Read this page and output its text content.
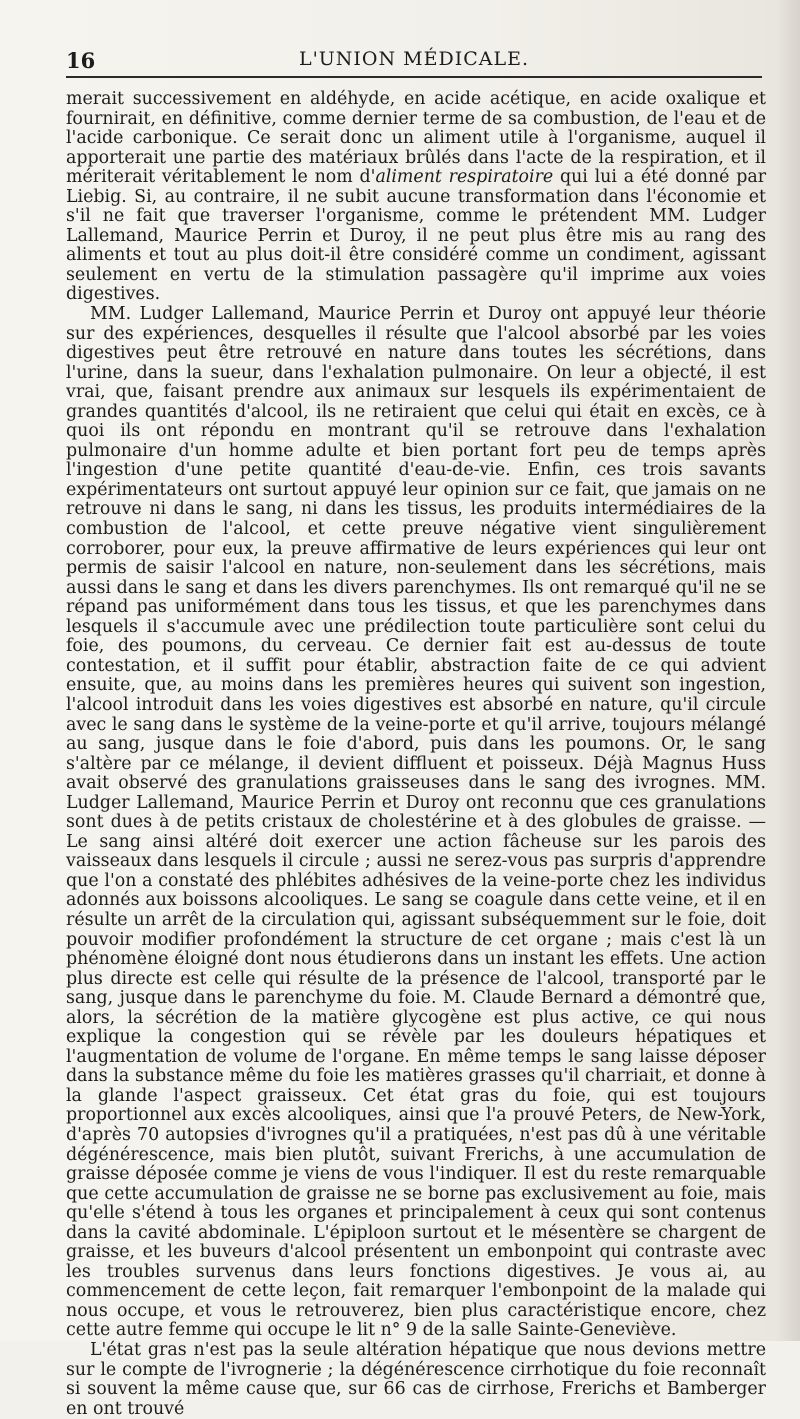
16	L'UNION MÉDICALE.

merait successivement en aldéhyde, en acide acétique, en acide oxalique et fournirait, en définitive, comme dernier terme de sa combustion, de l'eau et de l'acide carbonique. Ce serait donc un aliment utile à l'organisme, auquel il apporterait une partie des matériaux brûlés dans l'acte de la respiration, et il mériterait véritablement le nom d'aliment respiratoire qui lui a été donné par Liebig. Si, au contraire, il ne subit aucune transformation dans l'économie et s'il ne fait que traverser l'organisme, comme le prétendent MM. Ludger Lallemand, Maurice Perrin et Duroy, il ne peut plus être mis au rang des aliments et tout au plus doit-il être considéré comme un condiment, agissant seulement en vertu de la stimulation passagère qu'il imprime aux voies digestives.

MM. Ludger Lallemand, Maurice Perrin et Duroy ont appuyé leur théorie sur des expériences, desquelles il résulte que l'alcool absorbé par les voies digestives peut être retrouvé en nature dans toutes les sécrétions, dans l'urine, dans la sueur, dans l'exhalation pulmonaire. On leur a objecté, il est vrai, que, faisant prendre aux animaux sur lesquels ils expérimentaient de grandes quantités d'alcool, ils ne retiraient que celui qui était en excès, ce à quoi ils ont répondu en montrant qu'il se retrouve dans l'exhalation pulmonaire d'un homme adulte et bien portant fort peu de temps après l'ingestion d'une petite quantité d'eau-de-vie. Enfin, ces trois savants expérimentateurs ont surtout appuyé leur opinion sur ce fait, que jamais on ne retrouve ni dans le sang, ni dans les tissus, les produits intermédiaires de la combustion de l'alcool, et cette preuve négative vient singulièrement corroborer, pour eux, la preuve affirmative de leurs expériences qui leur ont permis de saisir l'alcool en nature, non-seulement dans les sécrétions, mais aussi dans le sang et dans les divers parenchymes. Ils ont remarqué qu'il ne se répand pas uniformément dans tous les tissus, et que les parenchymes dans lesquels il s'accumule avec une prédilection toute particulière sont celui du foie, des poumons, du cerveau. Ce dernier fait est au-dessus de toute contestation, et il suffit pour établir, abstraction faite de ce qui advient ensuite, que, au moins dans les premières heures qui suivent son ingestion, l'alcool introduit dans les voies digestives est absorbé en nature, qu'il circule avec le sang dans le système de la veine-porte et qu'il arrive, toujours mélangé au sang, jusque dans le foie d'abord, puis dans les poumons. Or, le sang s'altère par ce mélange, il devient diffluent et poisseux. Déjà Magnus Huss avait observé des granulations graisseuses dans le sang des ivrognes. MM. Ludger Lallemand, Maurice Perrin et Duroy ont reconnu que ces granulations sont dues à de petits cristaux de cholestérine et à des globules de graisse. — Le sang ainsi altéré doit exercer une action fâcheuse sur les parois des vaisseaux dans lesquels il circule ; aussi ne serez-vous pas surpris d'apprendre que l'on a constaté des phlébites adhésives de la veine-porte chez les individus adonnés aux boissons alcooliques. Le sang se coagule dans cette veine, et il en résulte un arrêt de la circulation qui, agissant subséquemment sur le foie, doit pouvoir modifier profondément la structure de cet organe ; mais c'est là un phénomène éloigné dont nous étudierons dans un instant les effets. Une action plus directe est celle qui résulte de la présence de l'alcool, transporté par le sang, jusque dans le parenchyme du foie. M. Claude Bernard a démontré que, alors, la sécrétion de la matière glycogène est plus active, ce qui nous explique la congestion qui se révèle par les douleurs hépatiques et l'augmentation de volume de l'organe. En même temps le sang laisse déposer dans la substance même du foie les matières grasses qu'il charriait, et donne à la glande l'aspect graisseux. Cet état gras du foie, qui est toujours proportionnel aux excès alcooliques, ainsi que l'a prouvé Peters, de New-York, d'après 70 autopsies d'ivrognes qu'il a pratiquées, n'est pas dû à une véritable dégénérescence, mais bien plutôt, suivant Frerichs, à une accumulation de graisse déposée comme je viens de vous l'indiquer. Il est du reste remarquable que cette accumulation de graisse ne se borne pas exclusivement au foie, mais qu'elle s'étend à tous les organes et principalement à ceux qui sont contenus dans la cavité abdominale. L'épiploon surtout et le mésentère se chargent de graisse, et les buveurs d'alcool présentent un embonpoint qui contraste avec les troubles survenus dans leurs fonctions digestives. Je vous ai, au commencement de cette leçon, fait remarquer l'embonpoint de la malade qui nous occupe, et vous le retrouverez, bien plus caractéristique encore, chez cette autre femme qui occupe le lit n° 9 de la salle Sainte-Geneviève.

L'état gras n'est pas la seule altération hépatique que nous devions mettre sur le compte de l'ivrognerie ; la dégénérescence cirrhotique du foie reconnaît si souvent la même cause que, sur 66 cas de cirrhose, Frerichs et Bamberger en ont trouvé
